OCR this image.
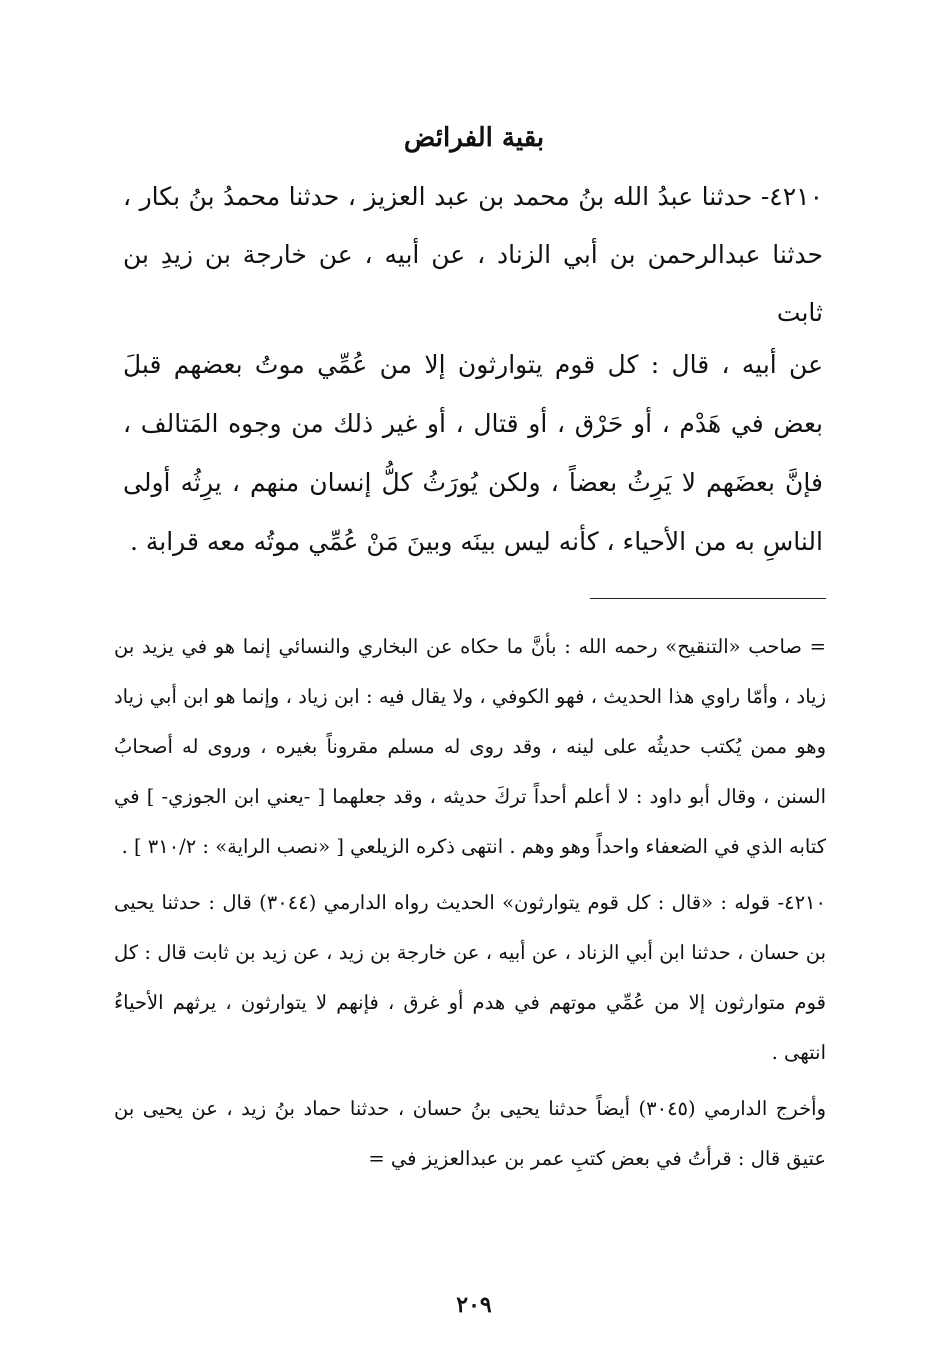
بقية الفرائض

٤٢١٠- حدثنا عبدُ الله بنُ محمد بن عبد العزيز ، حدثنا محمدُ بنُ بكار ، حدثنا عبدالرحمن بن أبي الزناد ، عن أبيه ، عن خارجة بن زيدِ بن ثابت

عن أبيه ، قال : كل قوم يتوارثون إلا من عُمِّي موتُ بعضهم قبلَ بعض في هَدْم ، أو حَرْق ، أو قتال ، أو غير ذلك من وجوه المَتالف ، فإنَّ بعضَهم لا يَرِثُ بعضاً ، ولكن يُورَثُ كلُّ إنسان منهم ، يرِثُه أولى الناسِ به من الأحياء ، كأنه ليس بينَه وبينَ مَنْ عُمِّي موتُه معه قرابة .

= صاحب «التنقيح» رحمه الله : بأنَّ ما حكاه عن البخاري والنسائي إنما هو في يزيد بن زياد ، وأمّا راوي هذا الحديث ، فهو الكوفي ، ولا يقال فيه : ابن زياد ، وإنما هو ابن أبي زياد وهو ممن يُكتب حديثُه على لينه ، وقد روى له مسلم مقروناً بغيره ، وروى له أصحابُ السنن ، وقال أبو داود : لا أعلم أحداً تركَ حديثه ، وقد جعلهما [ -يعني ابن الجوزي- ] في كتابه الذي في الضعفاء واحداً وهو وهم . انتهى ذكره الزيلعي [ «نصب الراية» : ٣١٠/٢ ] .

٤٢١٠- قوله : «قال : كل قوم يتوارثون» الحديث رواه الدارمي (٣٠٤٤) قال : حدثنا يحيى بن حسان ، حدثنا ابن أبي الزناد ، عن أبيه ، عن خارجة بن زيد ، عن زيد بن ثابت قال : كل قوم متوارثون إلا من عُمِّي موتهم في هدم أو غرق ، فإنهم لا يتوارثون ، يرثهم الأحياءُ انتهى .

وأخرج الدارمي (٣٠٤٥) أيضاً حدثنا يحيى بنُ حسان ، حدثنا حماد بنُ زيد ، عن يحيى بن عتيق قال : قرأتُ في بعض كتبِ عمر بن عبدالعزيز في =

٢٠٩
